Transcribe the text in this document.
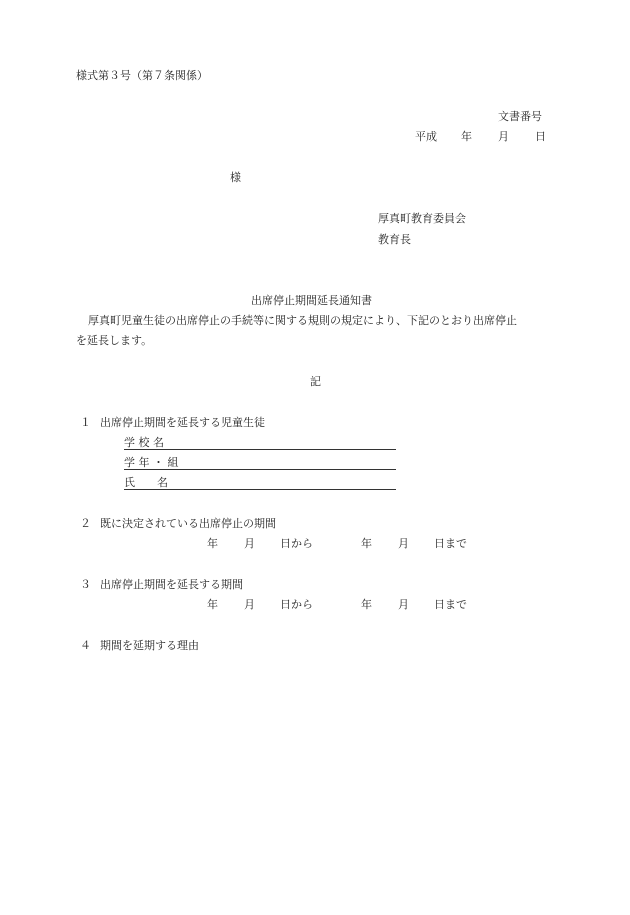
様式第３号（第７条関係）
文書番号
平成 年 月 日
様
厚真町教育委員会
教育長
出席停止期間延長通知書
厚真町児童生徒の出席停止の手続等に関する規則の規定により、下記のとおり出席停止
を延長します。
記
１ 出席停止期間を延長する児童生徒
学 校 名
学 年 ・ 組
氏　　名
２ 既に決定されている出席停止の期間
年 月 日から	年 月 日まで
３ 出席停止期間を延長する期間
年 月 日から	年 月 日まで
４ 期間を延期する理由
